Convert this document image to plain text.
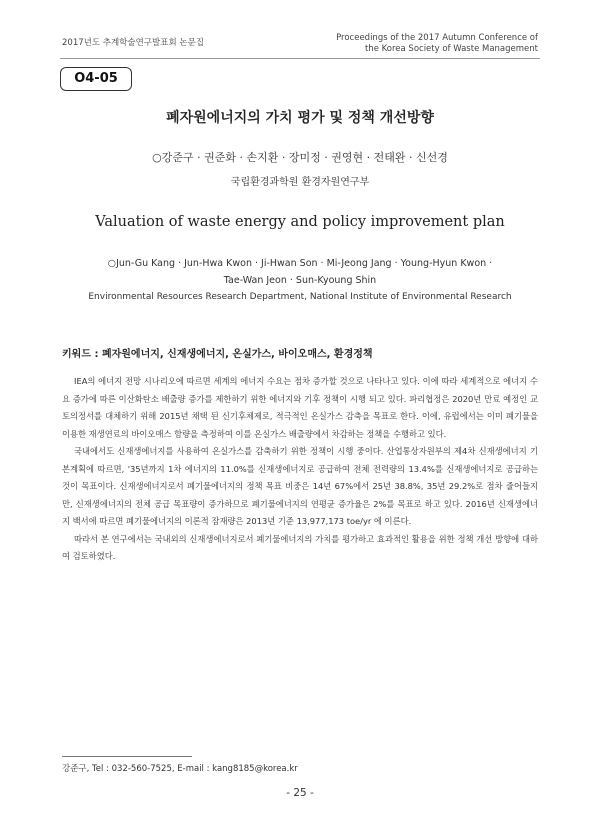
2017년도 추계학술연구발표회 논문집	Proceedings of the 2017 Autumn Conference of
the Korea Society of Waste Management
O4-05
폐자원에너지의 가치 평가 및 정책 개선방향
○강준구 · 권준화 · 손지환 · 장미정 · 권영현 · 전태완 · 신선경
국립환경과학원 환경자원연구부
Valuation of waste energy and policy improvement plan
○Jun-Gu Kang · Jun-Hwa Kwon · Ji-Hwan Son · Mi-Jeong Jang · Young-Hyun Kwon ·
Tae-Wan Jeon · Sun-Kyoung Shin
Environmental Resources Research Department, National Institute of Environmental Research
키워드 : 폐자원에너지, 신재생에너지, 온실가스, 바이오매스, 환경정책

IEA의 에너지 전망 시나리오에 따르면 세계의 에너지 수요는 점차 증가할 것으로 나타나고 있다. 이에 따라 세계적으로 에너지 수요 증가에 따른 이산화탄소 배출량 증가를 제한하기 위한 에너지와 기후 정책이 시행 되고 있다. 파리협정은 2020년 만료 예정인 교토의정서를 대체하기 위해 2015년 채택 된 신기후체제로, 적극적인 온실가스 감축을 목표로 한다. 이에, 유럽에서는 이미 폐기물을 이용한 재생연료의 바이오매스 함량을 측정하여 이를 온실가스 배출량에서 차감하는 정책을 수행하고 있다.

국내에서도 신재생에너지를 사용하여 온실가스를 감축하기 위한 정책이 시행 중이다. 산업통상자원부의 제4차 신재생에너지 기본계획에 따르면, '35년까지 1차 에너지의 11.0%를 신재생에너지로 공급하여 전체 전력량의 13.4%를 신재생에너지로 공급하는 것이 목표이다. 신재생에너지로서 폐기물에너지의 정책 목표 비중은 14년 67%에서 25년 38.8%, 35년 29.2%로 점차 줄어들지만, 신재생에너지의 전체 공급 목표량이 증가하므로 폐기물에너지의 연평균 증가율은 2%를 목표로 하고 있다. 2016년 신재생에너지 백서에 따르면 폐기물에너지의 이론적 잠재량은 2013년 기준 13,977,173 toe/yr 에 이른다.

따라서 본 연구에서는 국내외의 신재생에너지로서 폐기물에너지의 가치를 평가하고 효과적인 활용을 위한 정책 개선 방향에 대하여 검토하였다.

강준구, Tel : 032-560-7525, E-mail : kang8185@korea.kr
- 25 -
